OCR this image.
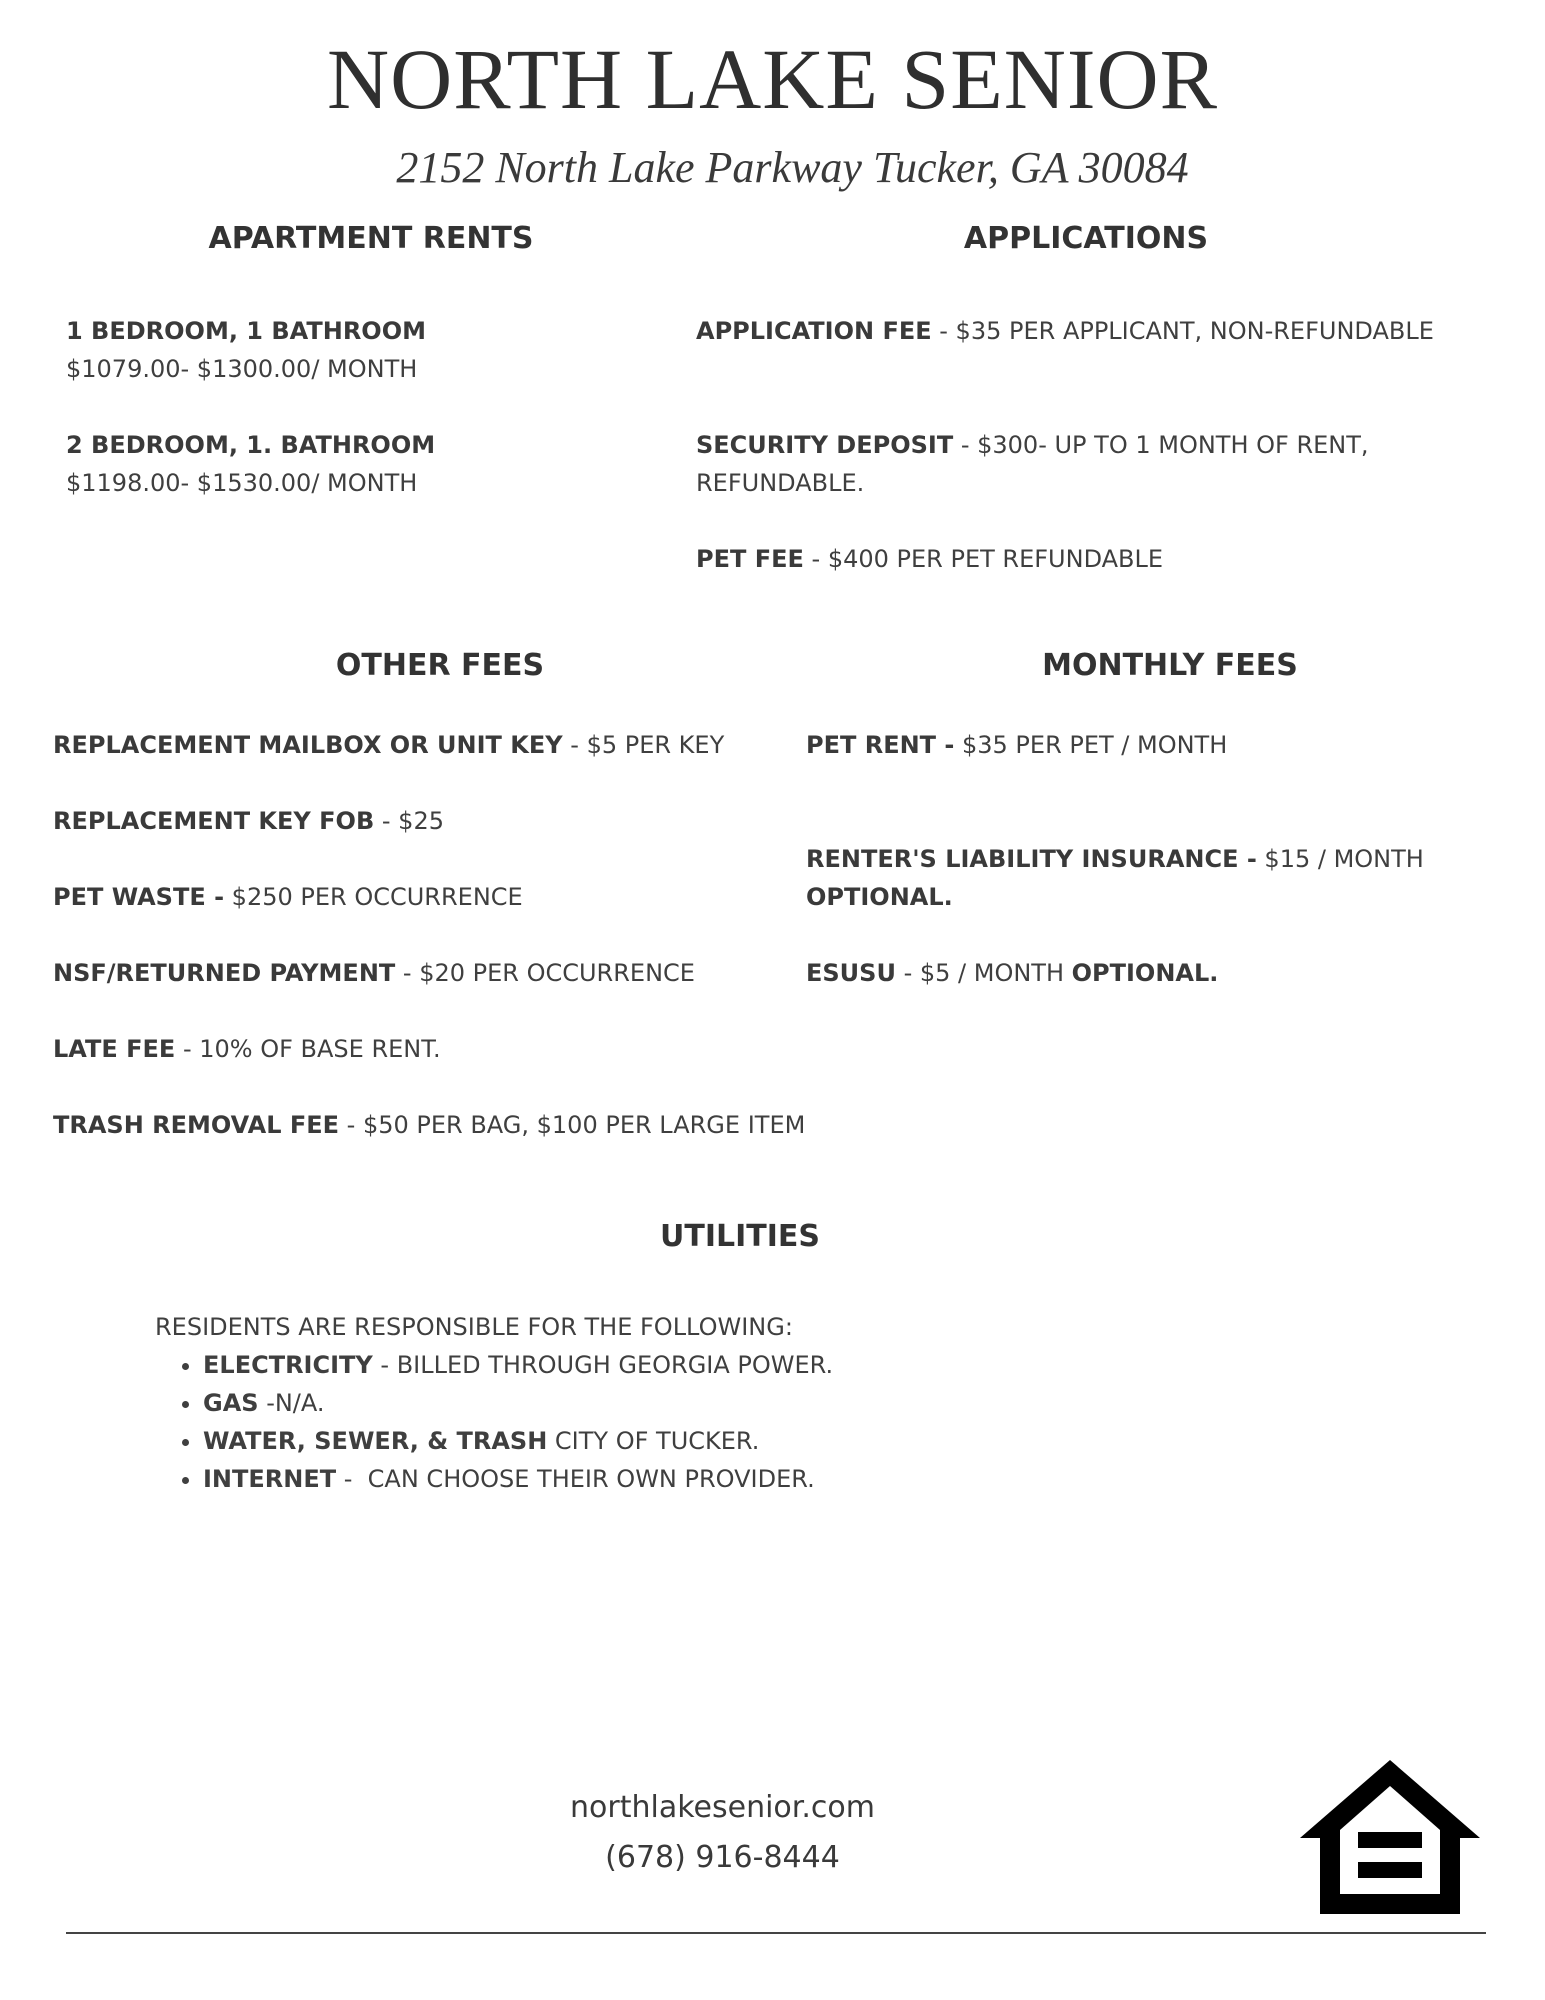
NORTH LAKE SENIOR
2152 North Lake Parkway Tucker, GA 30084
APARTMENT RENTS
1 BEDROOM, 1 BATHROOM
$1079.00- $1300.00/ MONTH
2 BEDROOM, 1. BATHROOM
$1198.00- $1530.00/ MONTH
APPLICATIONS
APPLICATION FEE - $35 PER APPLICANT, NON-REFUNDABLE
SECURITY DEPOSIT - $300- UP TO 1 MONTH OF RENT,
REFUNDABLE.
PET FEE - $400 PER PET REFUNDABLE
OTHER FEES
REPLACEMENT MAILBOX OR UNIT KEY - $5 PER KEY
REPLACEMENT KEY FOB - $25
PET WASTE - $250 PER OCCURRENCE
NSF/RETURNED PAYMENT - $20 PER OCCURRENCE
LATE FEE - 10% OF BASE RENT.
TRASH REMOVAL FEE - $50 PER BAG, $100 PER LARGE ITEM
MONTHLY FEES
PET RENT - $35 PER PET / MONTH
RENTER'S LIABILITY INSURANCE - $15 / MONTH
OPTIONAL.
ESUSU - $5 / MONTH OPTIONAL.
UTILITIES
RESIDENTS ARE RESPONSIBLE FOR THE FOLLOWING:
• ELECTRICITY - BILLED THROUGH GEORGIA POWER.
• GAS -N/A.
• WATER, SEWER, & TRASH CITY OF TUCKER.
• INTERNET -  CAN CHOOSE THEIR OWN PROVIDER.
northlakesenior.com
(678) 916-8444
